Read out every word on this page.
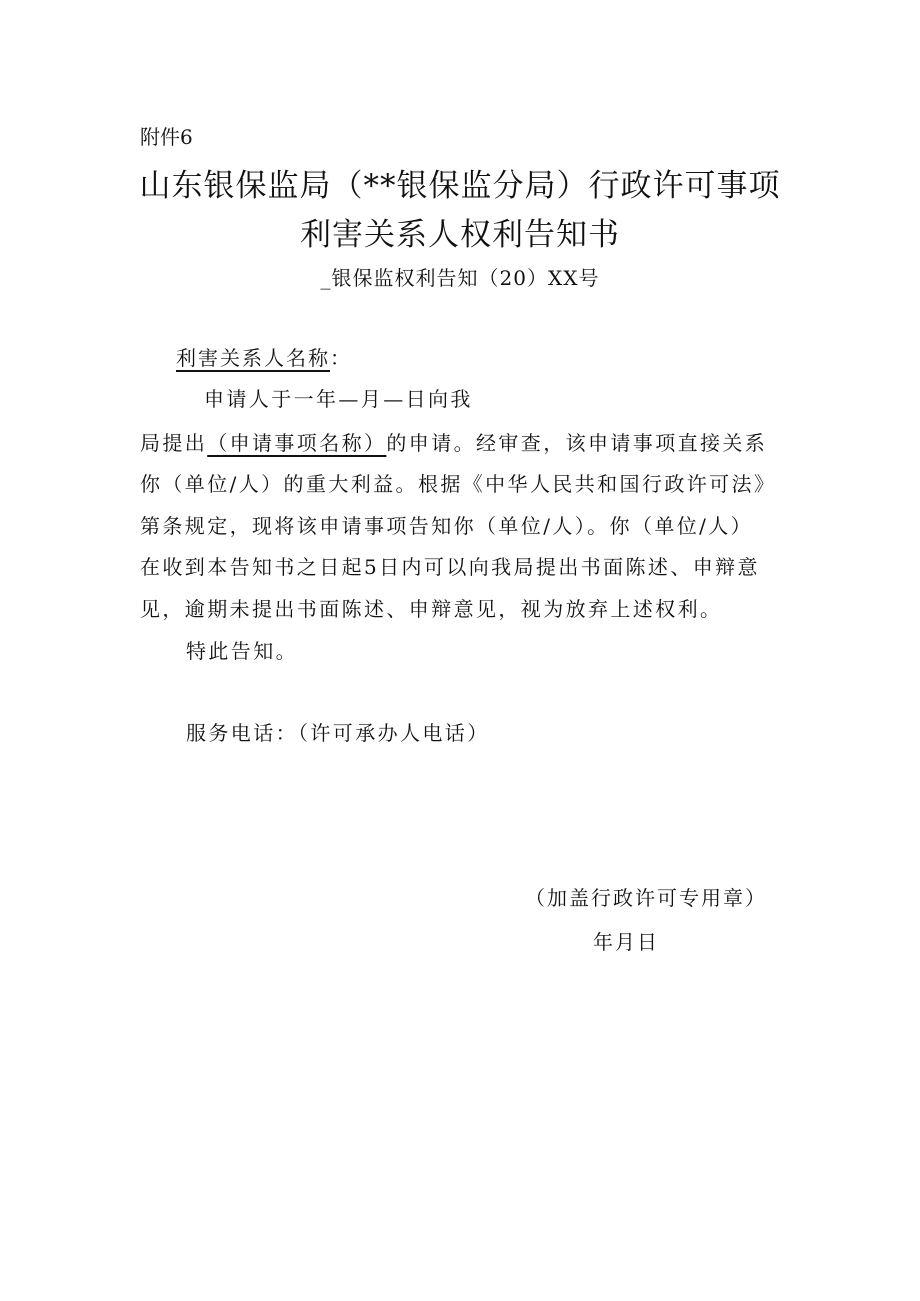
附件6
山东银保监局（**银保监分局）行政许可事项
利害关系人权利告知书
_银保监权利告知（20）XX号
利害关系人名称：
申请人于一年—月—日向我
局提出（申请事项名称）的申请。经审查，该申请事项直接关系
你（单位/人）的重大利益。根据《中华人民共和国行政许可法》
第条规定，现将该申请事项告知你（单位/人）。你（单位/人）
在收到本告知书之日起5日内可以向我局提出书面陈述、申辩意
见，逾期未提出书面陈述、申辩意见，视为放弃上述权利。
特此告知。
服务电话：（许可承办人电话）
（加盖行政许可专用章）
年月日
